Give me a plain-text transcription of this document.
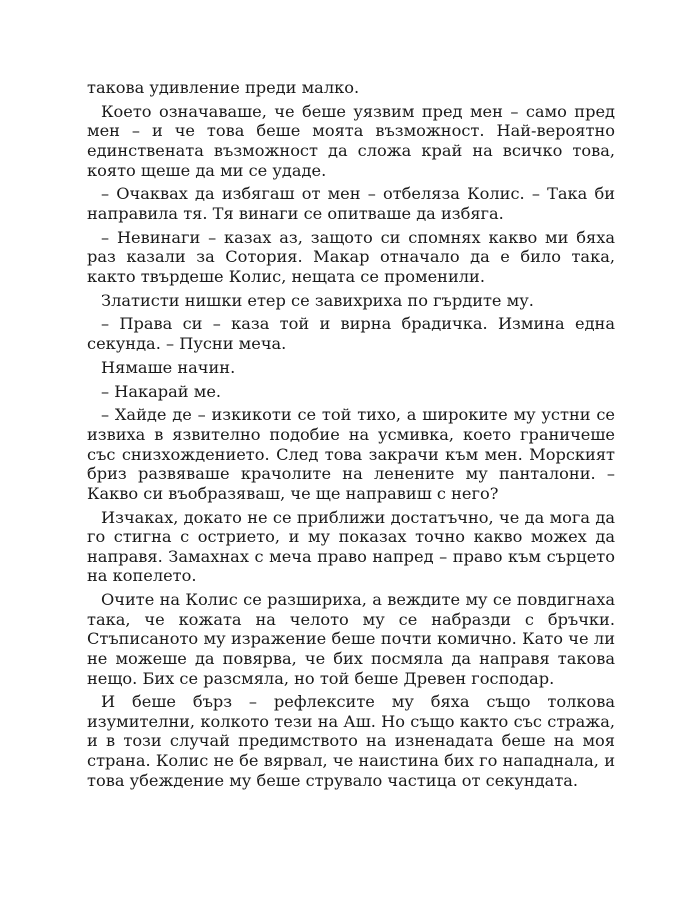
такова удивление преди малко.

Което означаваше, че беше уязвим пред мен – само пред мен – и че това беше моята възможност. Най-вероятно единствената възможност да сложа край на всичко това, която щеше да ми се удаде.

– Очаквах да избягаш от мен – отбеляза Колис. – Така би направила тя. Тя винаги се опитваше да избяга.

– Невинаги – казах аз, защото си спомнях какво ми бяха раз казали за Сотория. Макар отначало да е било така, както твърдеше Колис, нещата се променили.

Златисти нишки етер се завихриха по гърдите му.

– Права си – каза той и вирна брадичка. Измина една секунда. – Пусни меча.

Нямаше начин.

– Накарай ме.

– Хайде де – изкикоти се той тихо, а широките му устни се извиха в язвително подобие на усмивка, което граничеше със снизхождението. След това закрачи към мен. Морският бриз развяваше крачолите на ленените му панталони. – Какво си въобразяваш, че ще направиш с него?

Изчаках, докато не се приближи достатъчно, че да мога да го стигна с острието, и му показах точно какво можех да направя. Замахнах с меча право напред – право към сърцето на копелето.

Очите на Колис се разшириха, а веждите му се повдигнаха така, че кожата на челото му се набразди с бръчки. Стъписаното му изражение беше почти комично. Като че ли не можеше да повярва, че бих посмяла да направя такова нещо. Бих се разсмяла, но той беше Древен господар.

И беше бърз – рефлексите му бяха също толкова изумителни, колкото тези на Аш. Но също както със стража, и в този случай предимството на изненадата беше на моя страна. Колис не бе вярвал, че наистина бих го нападнала, и това убеждение му беше струвало частица от секундата.
